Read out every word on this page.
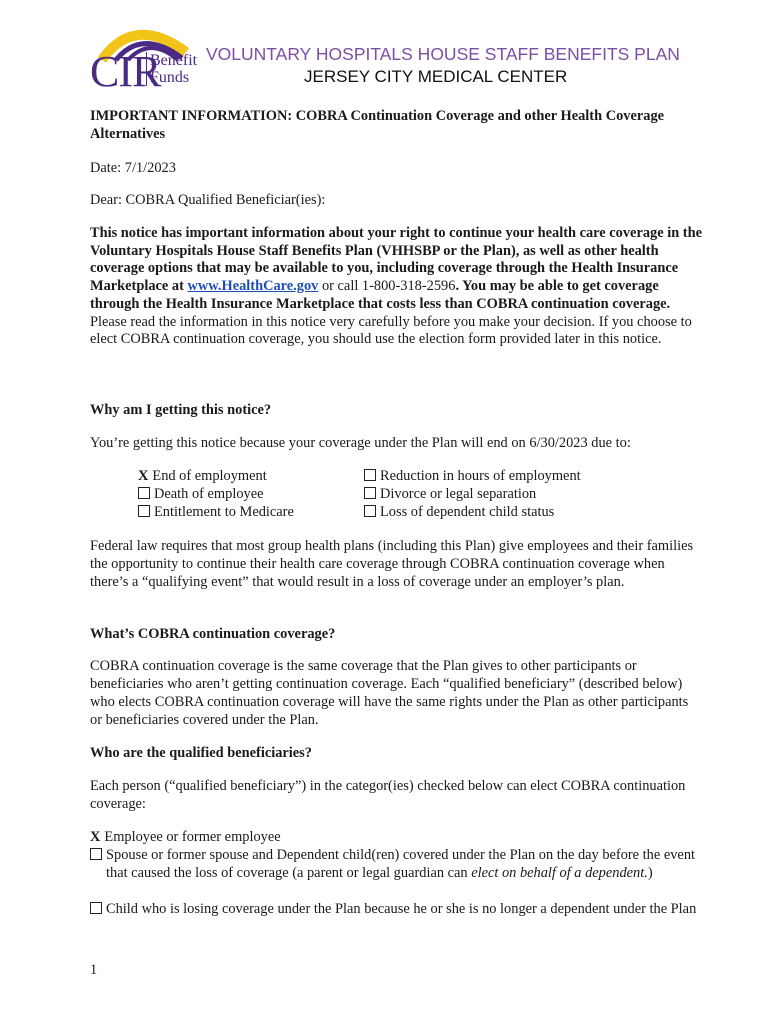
CIR
Benefit
Funds
VOLUNTARY HOSPITALS HOUSE STAFF BENEFITS PLAN
JERSEY CITY MEDICAL CENTER
IMPORTANT INFORMATION: COBRA Continuation Coverage and other Health Coverage
Alternatives
Date: 7/1/2023
Dear: COBRA Qualified Beneficiar(ies):
This notice has important information about your right to continue your health care coverage in the Voluntary Hospitals House Staff Benefits Plan (VHHSBP or the Plan), as well as other health coverage options that may be available to you, including coverage through the Health Insurance Marketplace at www.HealthCare.gov or call 1-800-318-2596. You may be able to get coverage through the Health Insurance Marketplace that costs less than COBRA continuation coverage. Please read the information in this notice very carefully before you make your decision. If you choose to elect COBRA continuation coverage, you should use the election form provided later in this notice.
Why am I getting this notice?
You’re getting this notice because your coverage under the Plan will end on 6/30/2023 due to:
X End of employment
Death of employee
Entitlement to Medicare
Reduction in hours of employment
Divorce or legal separation
Loss of dependent child status
Federal law requires that most group health plans (including this Plan) give employees and their families the opportunity to continue their health care coverage through COBRA continuation coverage when there’s a “qualifying event” that would result in a loss of coverage under an employer’s plan.
What’s COBRA continuation coverage?
COBRA continuation coverage is the same coverage that the Plan gives to other participants or beneficiaries who aren’t getting continuation coverage. Each “qualified beneficiary” (described below) who elects COBRA continuation coverage will have the same rights under the Plan as other participants or beneficiaries covered under the Plan.
Who are the qualified beneficiaries?
Each person (“qualified beneficiary”) in the categor(ies) checked below can elect COBRA continuation coverage:
X Employee or former employee
Spouse or former spouse and Dependent child(ren) covered under the Plan on the day before the event that caused the loss of coverage (a parent or legal guardian can elect on behalf of a dependent.)
Child who is losing coverage under the Plan because he or she is no longer a dependent under the Plan
1
